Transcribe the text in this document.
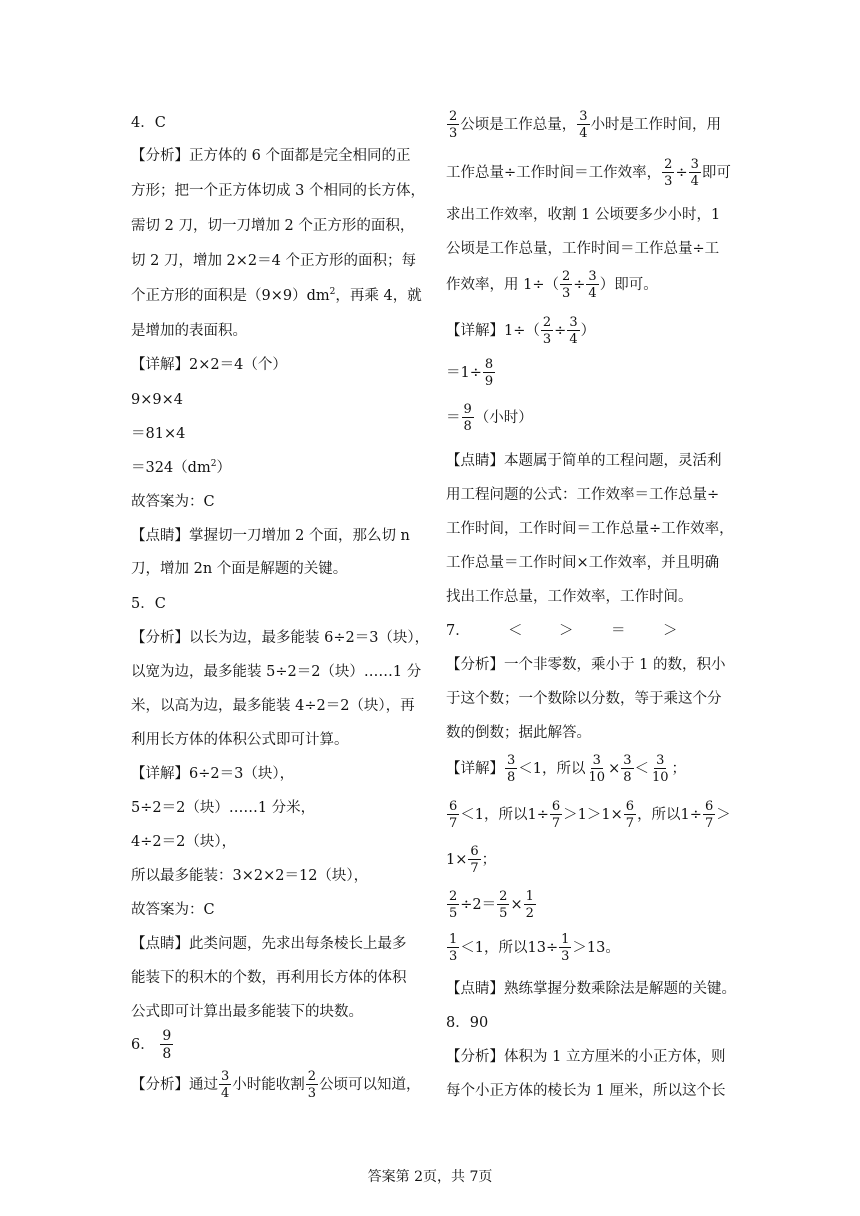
4．C
【分析】正方体的 6 个面都是完全相同的正
方形；把一个正方体切成 3 个相同的长方体，
需切 2 刀，切一刀增加 2 个正方形的面积，
切 2 刀，增加 2×2＝4 个正方形的面积；每
个正方形的面积是$(9\times 9)dm^2$，再乘 4，就
是增加的表面积。
【详解】2×2＝4（个）
9×9×4
＝81×4
$=324(dm^2)$
故答案为：C
【点睛】掌握切一刀增加 2 个面，那么切 n
刀，增加 2n 个面是解题的关键。
5．C
【分析】以长为边，最多能装 6÷2＝3（块），
以宽为边，最多能装 5÷2＝2（块）……1 分
米，以高为边，最多能装 4÷2＝2（块），再
利用长方体的体积公式即可计算。
【详解】6÷2＝3（块），
5÷2＝2（块）……1 分米，
4÷2＝2（块），
所以最多能装：3×2×2＝12（块），
故答案为：C
【点睛】此类问题，先求出每条棱长上最多
能装下的积木的个数，再利用长方体的体积
公式即可计算出最多能装下的块数。
6． $\frac{9}{8}$
【分析】通过 $\frac{3}{4}$ 小时能收割 $\frac{2}{3}$ 公顷可以知道，
$\frac{2}{3}$ 公顷是工作总量， $\frac{3}{4}$ 小时是工作时间，用
工作总量÷工作时间＝工作效率， $\frac{2}{3} \div \frac{3}{4}$ 即可
求出工作效率，收割 1 公顷要多少小时，1
公顷是工作总量，工作时间＝工作总量÷工
作效率，用 $1\div( \frac{2}{3} \div \frac{3}{4}$ ）即可。
【详解】$1\div( \frac{2}{3} \div \frac{3}{4}$ ）
$=1\div \frac{8}{9}$
＝ $\frac{9}{8}$ （小时）
【点睛】本题属于简单的工程问题，灵活利
用工程问题的公式：工作效率＝工作总量÷
工作时间，工作时间＝工作总量÷工作效率，
工作总量＝工作时间×工作效率，并且明确
找出工作总量，工作效率，工作时间。
7．	＜	＞	＝	＞
【分析】一个非零数，乘小于 1 的数，积小
于这个数；一个数除以分数，等于乘这个分
数的倒数；据此解答。
【详解】 $\frac{3}{8} <1$，所以 $\frac{3}{10} \times \frac{3}{8} < \frac{3}{10}$ ；
$\frac{6}{7} <1$，所以$1\div \frac{6}{7} >1>1\times \frac{6}{7}$ ，所以$1\div \frac{6}{7}$ ＞
$1\times \frac{6}{7}$ ；
$\frac{2}{5} \div 2= \frac{2}{5} \times \frac{1}{2}$
$\frac{1}{3} <1$，所以$13\div \frac{1}{3} >13$。
【点睛】熟练掌握分数乘除法是解题的关键。
8．90
【分析】体积为 1 立方厘米的小正方体，则
每个小正方体的棱长为 1 厘米，所以这个长
答案第 2页，共 7页
